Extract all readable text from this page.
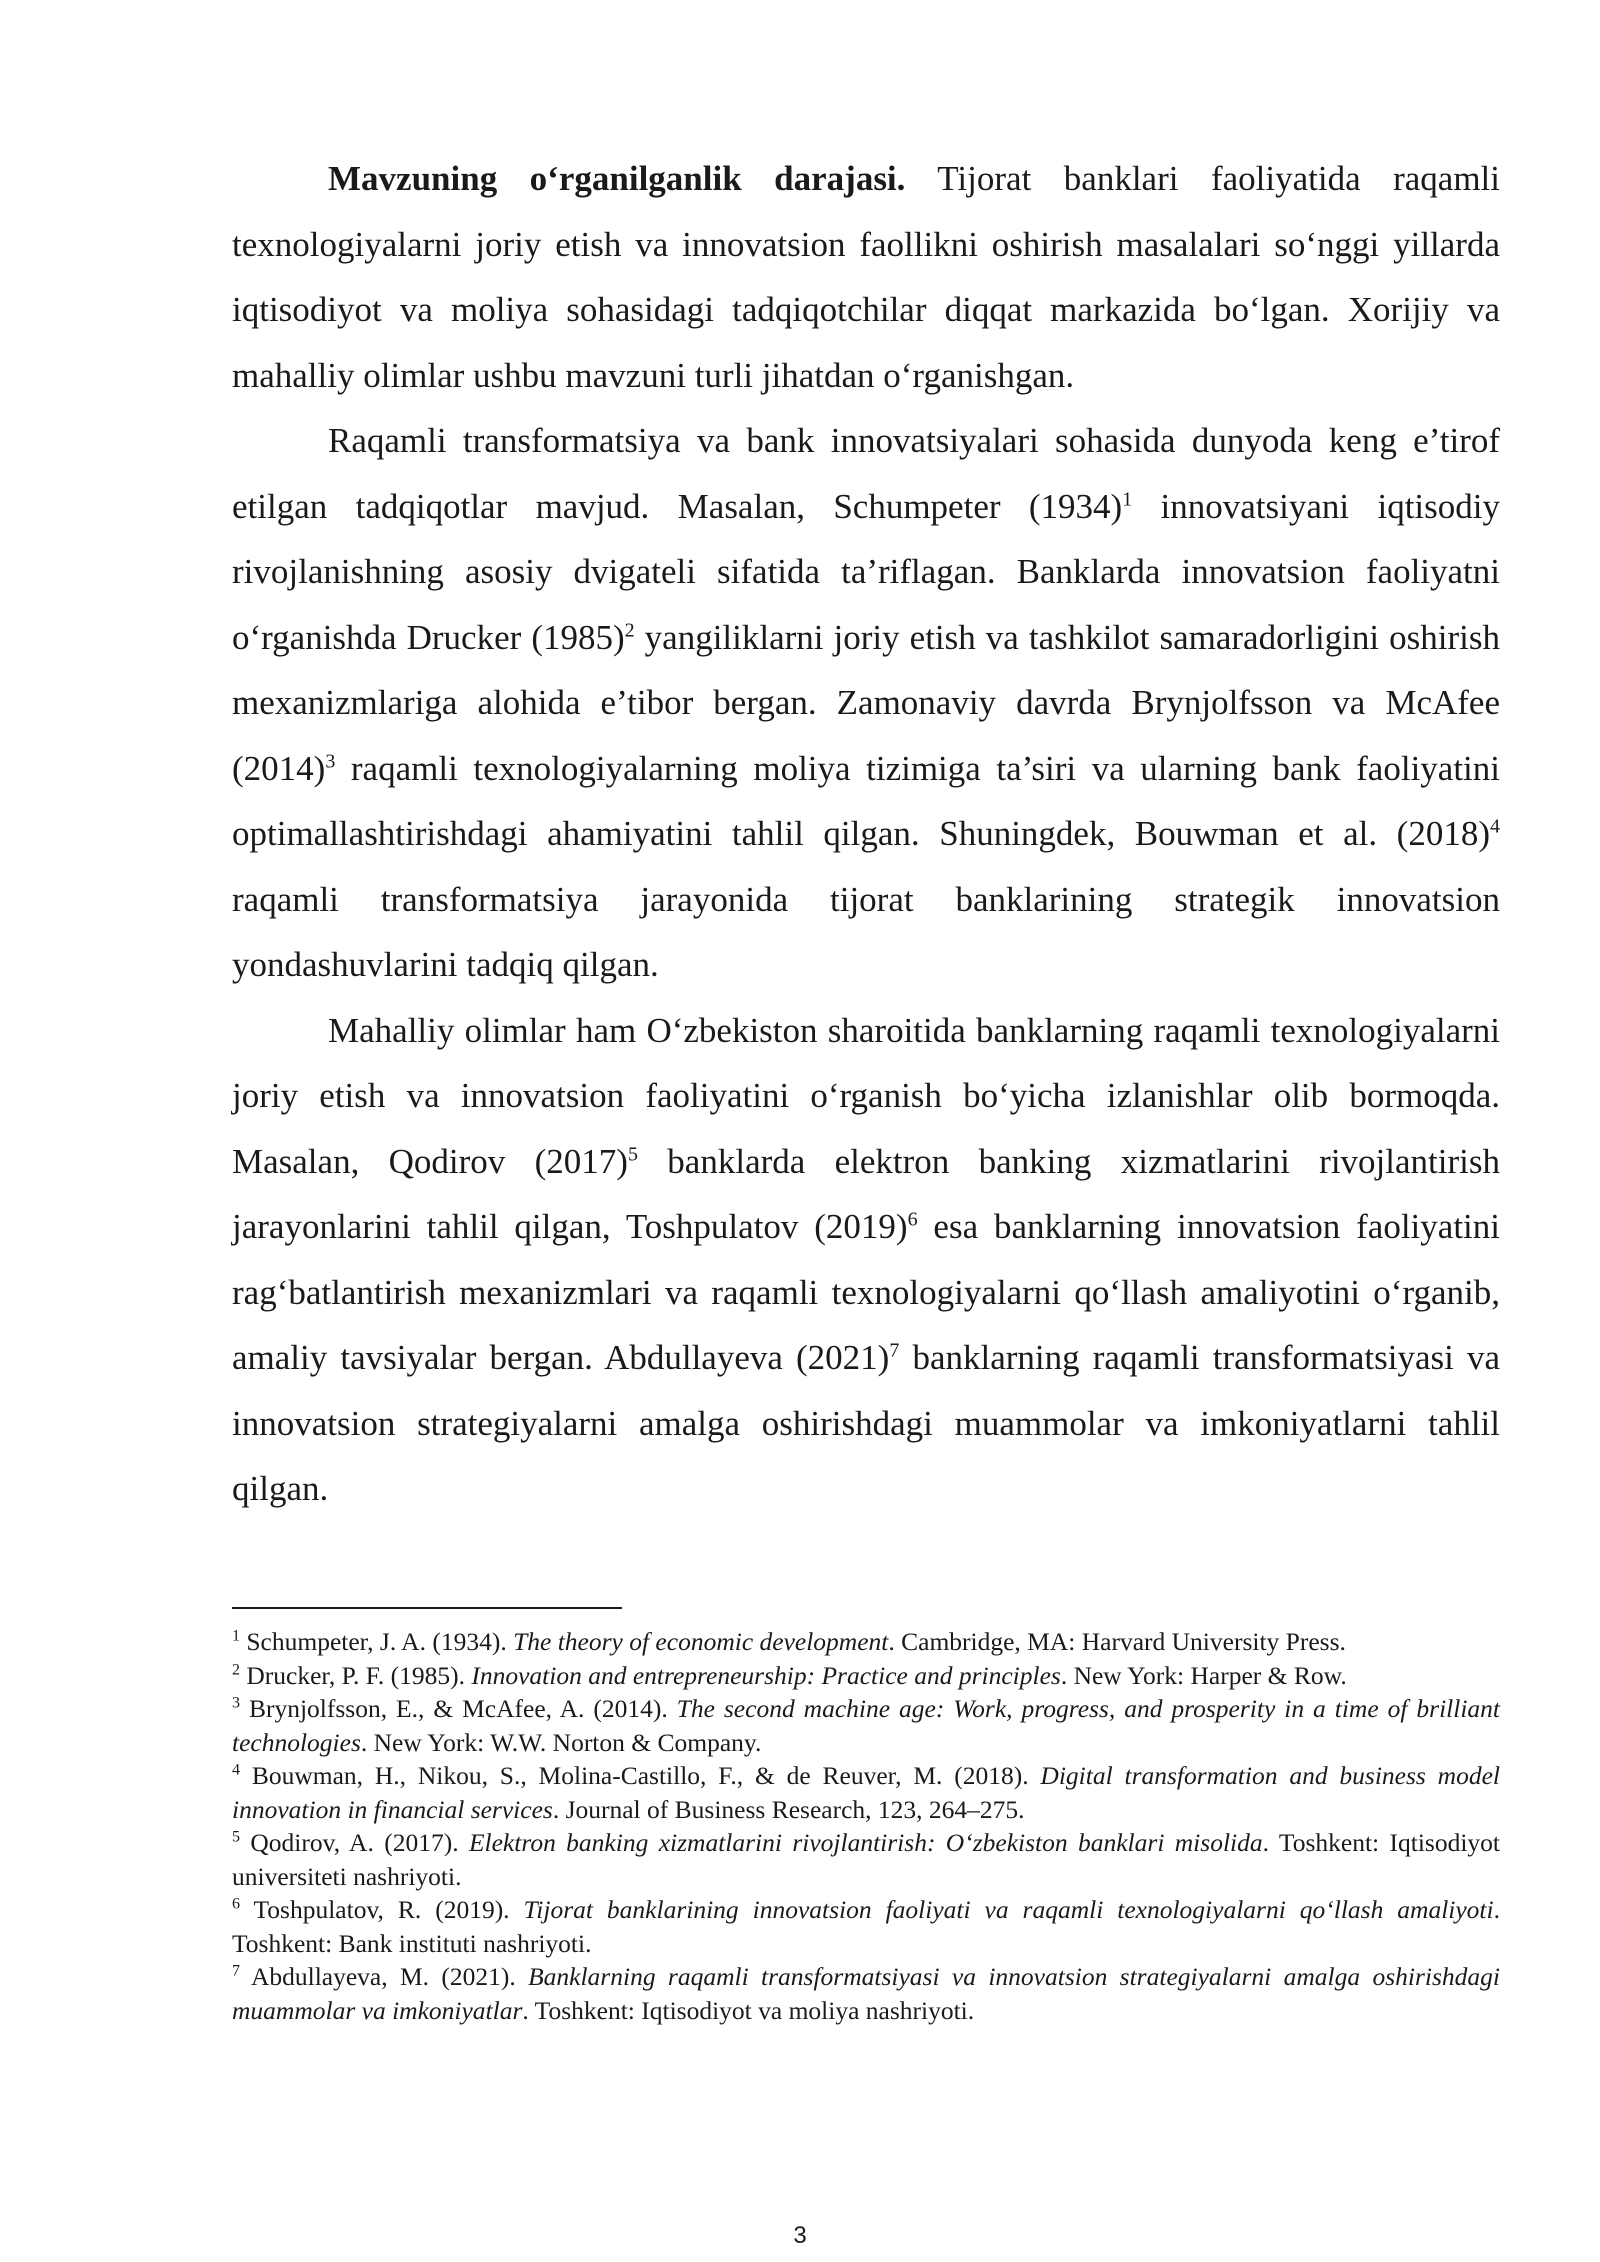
Mavzuning o‘rganilganlik darajasi. Tijorat banklari faoliyatida raqamli texnologiyalarni joriy etish va innovatsion faollikni oshirish masalalari so‘nggi yillarda iqtisodiyot va moliya sohasidagi tadqiqotchilar diqqat markazida bo‘lgan. Xorijiy va mahalliy olimlar ushbu mavzuni turli jihatdan o‘rganishgan.

Raqamli transformatsiya va bank innovatsiyalari sohasida dunyoda keng e’tirof etilgan tadqiqotlar mavjud. Masalan, Schumpeter $(1934)^1$ innovatsiyani iqtisodiy rivojlanishning asosiy dvigateli sifatida ta’riflagan. Banklarda innovatsion faoliyatni o‘rganishda Drucker $(1985)^2$ yangiliklarni joriy etish va tashkilot samaradorligini oshirish mexanizmlariga alohida e’tibor bergan. Zamonaviy davrda Brynjolfsson va McAfee $(2014)^3$ raqamli texnologiyalarning moliya tizimiga ta’siri va ularning bank faoliyatini optimallashtirishdagi ahamiyatini tahlil qilgan. Shuningdek, Bouwman et al. $(2018)^4$ raqamli transformatsiya jarayonida tijorat banklarining strategik innovatsion yondashuvlarini tadqiq qilgan.

Mahalliy olimlar ham O‘zbekiston sharoitida banklarning raqamli texnologiyalarni joriy etish va innovatsion faoliyatini o‘rganish bo‘yicha izlanishlar olib bormoqda. Masalan, Qodirov $(2017)^5$ banklarda elektron banking xizmatlarini rivojlantirish jarayonlarini tahlil qilgan, Toshpulatov $(2019)^6$ esa banklarning innovatsion faoliyatini rag‘batlantirish mexanizmlari va raqamli texnologiyalarni qo‘llash amaliyotini o‘rganib, amaliy tavsiyalar bergan. Abdullayeva $(2021)^7$ banklarning raqamli transformatsiyasi va innovatsion strategiyalarni amalga oshirishdagi muammolar va imkoniyatlarni tahlil qilgan.

$^1$ Schumpeter, J. A. (1934). The theory of economic development. Cambridge, MA: Harvard University Press.

$^2$ Drucker, P. F. (1985). Innovation and entrepreneurship: Practice and principles. New York: Harper & Row.

$^3$ Brynjolfsson, E., & McAfee, A. (2014). The second machine age: Work, progress, and prosperity in a time of brilliant technologies. New York: W.W. Norton & Company.

$^4$ Bouwman, H., Nikou, S., Molina-Castillo, F., & de Reuver, M. (2018). Digital transformation and business model innovation in financial services. Journal of Business Research, 123, 264–275.

$^5$ Qodirov, A. (2017). Elektron banking xizmatlarini rivojlantirish: O‘zbekiston banklari misolida. Toshkent: Iqtisodiyot universiteti nashriyoti.

$^6$ Toshpulatov, R. (2019). Tijorat banklarining innovatsion faoliyati va raqamli texnologiyalarni qo‘llash amaliyoti. Toshkent: Bank instituti nashriyoti.

$^7$ Abdullayeva, M. (2021). Banklarning raqamli transformatsiyasi va innovatsion strategiyalarni amalga oshirishdagi muammolar va imkoniyatlar. Toshkent: Iqtisodiyot va moliya nashriyoti.

3
